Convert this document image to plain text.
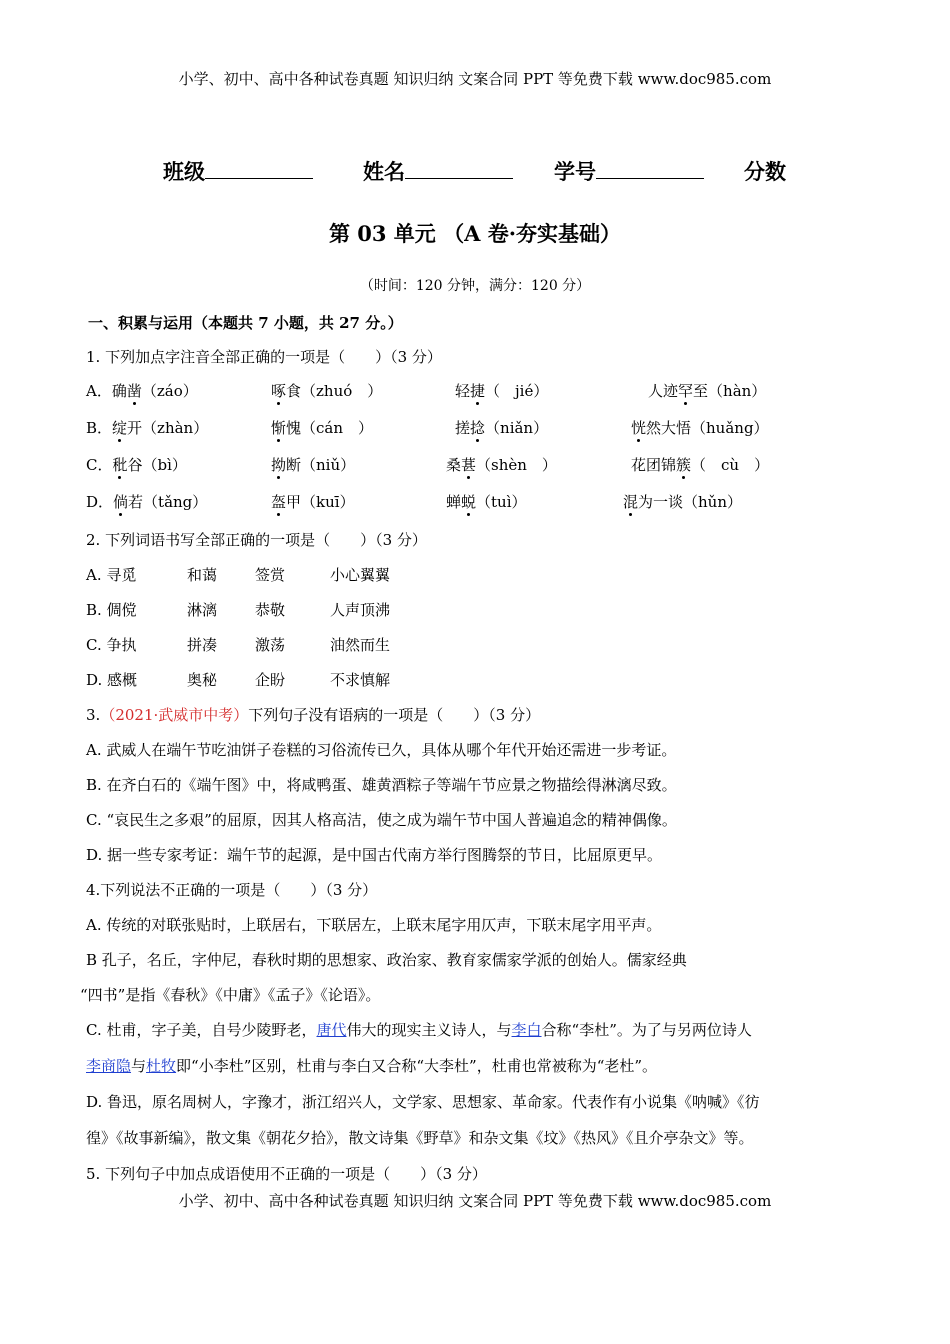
小学、初中、高中各种试卷真题 知识归纳 文案合同 PPT 等免费下载 www.doc985.com
班级	姓名	学号	分数
第 03 单元 （A 卷·夯实基础）
（时间：120 分钟，满分：120 分）
一、积累与运用（本题共 7 小题，共 27 分。）
1. 下列加点字注音全部正确的一项是（　　）（3 分）
A．确凿（záo）	啄食（zhuó　）	轻捷（　jié）	人迹罕至（hàn）
B．绽开（zhàn）	惭愧（cán　）	搓捻（niǎn）	恍然大悟（huǎng）
C．秕谷（bì）	拗断（niǔ）	桑葚（shèn　）	花团锦簇（　cù　）
D．倘若（tǎng）	盔甲（kuī）	蝉蜕（tuì）	混为一谈（hǔn）
2. 下列词语书写全部正确的一项是（　　）（3 分）
A. 寻觅	和蔼	签赏	小心翼翼
B. 倜傥	淋漓	恭敬	人声顶沸
C. 争执	拼凑	激荡	油然而生
D. 感概	奥秘	企盼	不求慎解
3.（2021·武威市中考）下列句子没有语病的一项是（　　）（3 分）
A. 武威人在端午节吃油饼子卷糕的习俗流传已久，具体从哪个年代开始还需进一步考证。
B. 在齐白石的《端午图》中，将咸鸭蛋、雄黄酒粽子等端午节应景之物描绘得淋漓尽致。
C. “哀民生之多艰”的屈原，因其人格高洁，使之成为端午节中国人普遍追念的精神偶像。
D. 据一些专家考证：端午节的起源，是中国古代南方举行图腾祭的节日，比屈原更早。
4.下列说法不正确的一项是（　　）（3 分）
A. 传统的对联张贴时，上联居右，下联居左，上联末尾字用仄声，下联末尾字用平声。
B 孔子，名丘，字仲尼，春秋时期的思想家、政治家、教育家儒家学派的创始人。儒家经典
“四书”是指《春秋》《中庸》《孟子》《论语》。
C. 杜甫，字子美，自号少陵野老，唐代伟大的现实主义诗人，与李白合称“李杜”。为了与另两位诗人
李商隐与杜牧即“小李杜”区别，杜甫与李白又合称“大李杜”，杜甫也常被称为“老杜”。
D. 鲁迅，原名周树人，字豫才，浙江绍兴人，文学家、思想家、革命家。代表作有小说集《呐喊》《彷
徨》《故事新编》，散文集《朝花夕拾》，散文诗集《野草》和杂文集《坟》《热风》《且介亭杂文》等。
5. 下列句子中加点成语使用不正确的一项是（　　）（3 分）
小学、初中、高中各种试卷真题 知识归纳 文案合同 PPT 等免费下载 www.doc985.com
